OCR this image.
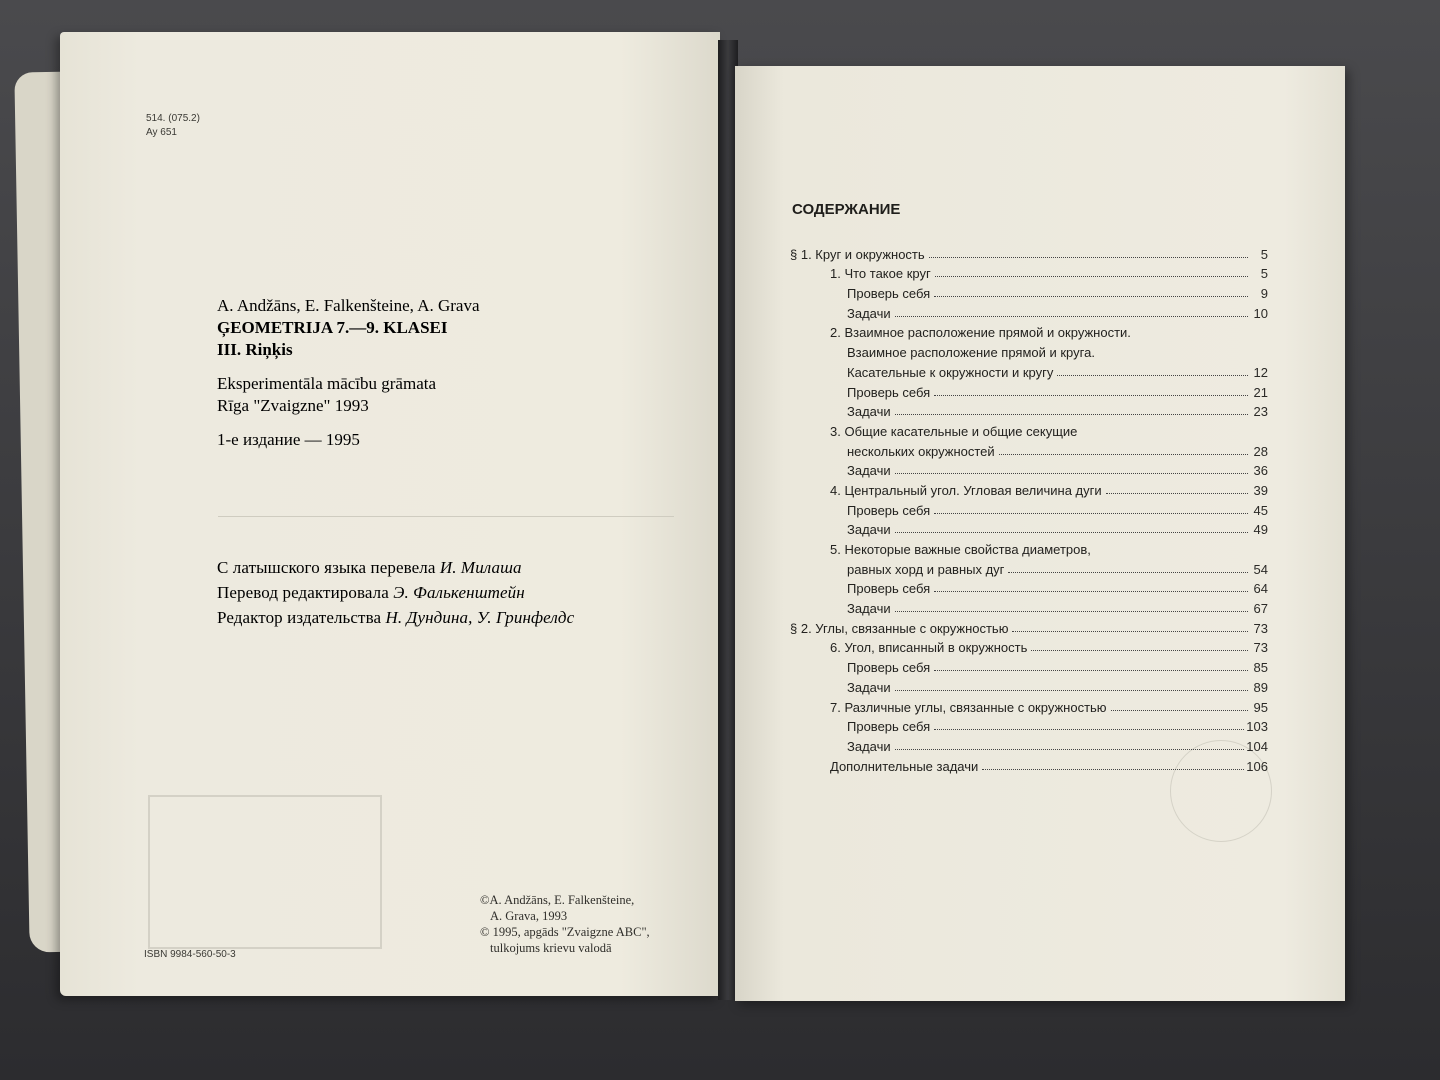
514. (075.2)
Ay 651
A. Andžāns, E. Falkenšteine, A. Grava
ĢEOMETRIJA 7.—9. KLASEI
III. Riņķis
Eksperimentāla mācību grāmata
Rīga "Zvaigzne" 1993
1-е издание — 1995
С латышского языка перевела И. Милаша
Перевод редактировала Э. Фалькенштейн
Редактор издательства Н. Дундина, У. Гринфелдс
©A. Andžāns, E. Falkenšteine,
A. Grava, 1993
© 1995, apgāds "Zvaigzne ABC",
tulkojums krievu valodā
ISBN 9984-560-50-3
СОДЕРЖАНИЕ
§ 1. Круг и окружность	5
1. Что такое круг	5
Проверь себя	9
Задачи	10
2. Взаимное расположение прямой и окружности.
Взаимное расположение прямой и круга.
Касательные к окружности и кругу	12
Проверь себя	21
Задачи	23
3. Общие касательные и общие секущие
нескольких окружностей	28
Задачи	36
4. Центральный угол. Угловая величина дуги	39
Проверь себя	45
Задачи	49
5. Некоторые важные свойства диаметров,
равных хорд и равных дуг	54
Проверь себя	64
Задачи	67
§ 2. Углы, связанные с окружностью	73
6. Угол, вписанный в окружность	73
Проверь себя	85
Задачи	89
7. Различные углы, связанные с окружностью	95
Проверь себя	103
Задачи	104
Дополнительные задачи	106
